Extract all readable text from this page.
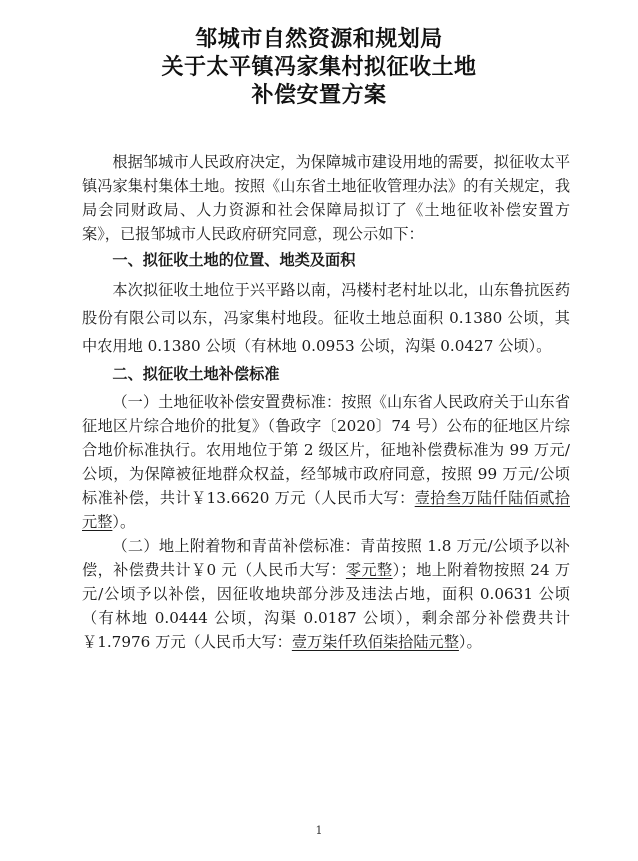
邹城市自然资源和规划局
关于太平镇冯家集村拟征收土地
补偿安置方案

根据邹城市人民政府决定，为保障城市建设用地的需要，拟征收太平镇冯家集村集体土地。按照《山东省土地征收管理办法》的有关规定，我局会同财政局、人力资源和社会保障局拟订了《土地征收补偿安置方案》，已报邹城市人民政府研究同意，现公示如下：

一、拟征收土地的位置、地类及面积

本次拟征收土地位于兴平路以南，冯楼村老村址以北，山东鲁抗医药股份有限公司以东，冯家集村地段。征收土地总面积 0.1380 公顷，其中农用地 0.1380 公顷（有林地 0.0953 公顷，沟渠 0.0427 公顷）。

二、拟征收土地补偿标准

（一）土地征收补偿安置费标准：按照《山东省人民政府关于山东省征地区片综合地价的批复》（鲁政字〔2020〕74 号）公布的征地区片综合地价标准执行。农用地位于第 2 级区片，征地补偿费标准为 99 万元/公顷，为保障被征地群众权益，经邹城市政府同意，按照 99 万元/公顷标准补偿，共计￥13.6620 万元（人民币大写：壹拾叁万陆仟陆佰贰拾元整）。

（二）地上附着物和青苗补偿标准：青苗按照 1.8 万元/公顷予以补偿，补偿费共计￥0 元（人民币大写：零元整）；地上附着物按照 24 万元/公顷予以补偿，因征收地块部分涉及违法占地，面积 0.0631 公顷（有林地 0.0444 公顷，沟渠 0.0187 公顷），剩余部分补偿费共计￥1.7976 万元（人民币大写：壹万柒仟玖佰柒拾陆元整）。

1
